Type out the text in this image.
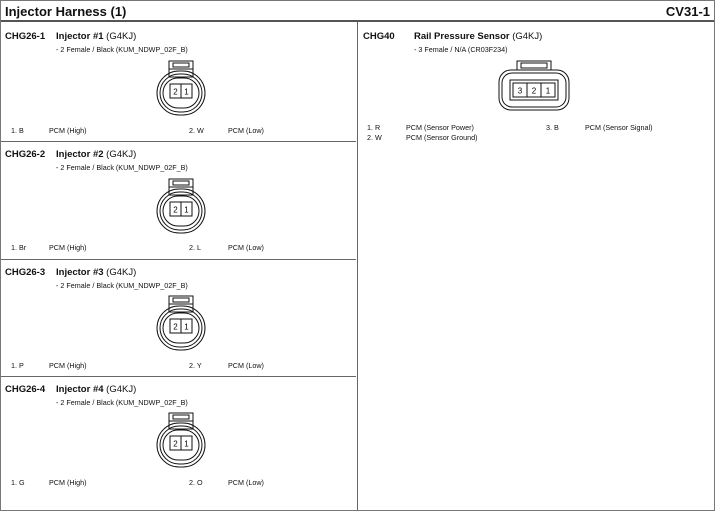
Injector Harness (1)	CV31-1
CHG26-1 Injector #1 (G4KJ)
- 2 Female / Black (KUM_NDWP_02F_B)
2 1
1. B	PCM (High)	2. W	PCM (Low)
CHG26-2 Injector #2 (G4KJ)
- 2 Female / Black (KUM_NDWP_02F_B)
2 1
1. Br	PCM (High)	2. L	PCM (Low)
CHG26-3 Injector #3 (G4KJ)
- 2 Female / Black (KUM_NDWP_02F_B)
2 1
1. P	PCM (High)	2. Y	PCM (Low)
CHG26-4 Injector #4 (G4KJ)
- 2 Female / Black (KUM_NDWP_02F_B)
2 1
1. G	PCM (High)	2. O	PCM (Low)
CHG40 Rail Pressure Sensor (G4KJ)
- 3 Female / N/A (CR03F234)
3 2 1
1. R	PCM (Sensor Power)
2. W	PCM (Sensor Ground)
3. B	PCM (Sensor Signal)
